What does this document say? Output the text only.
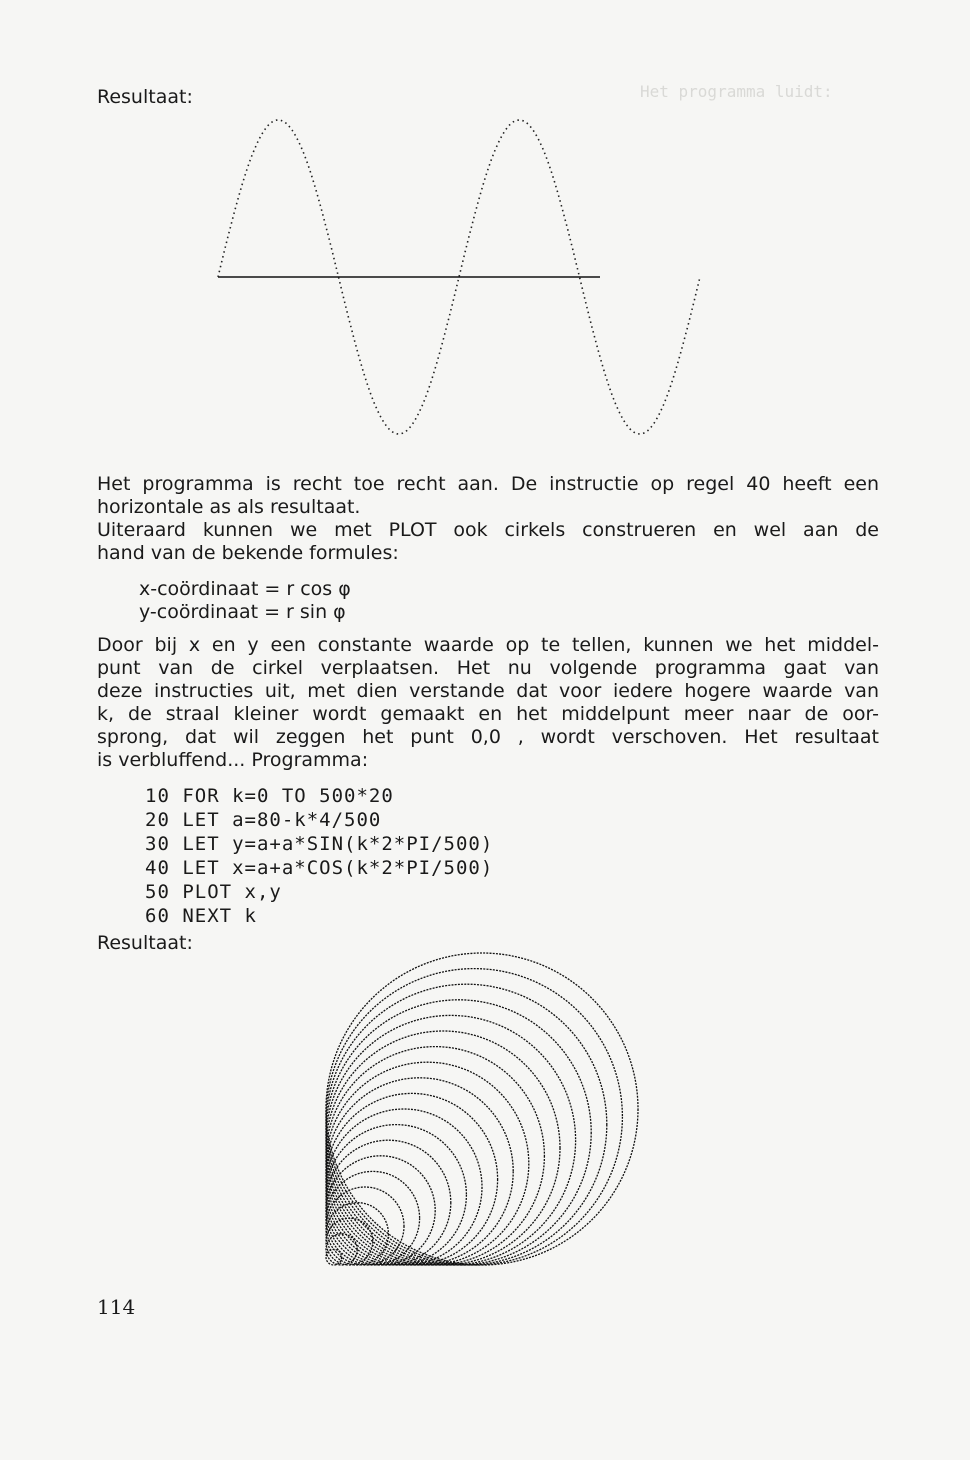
Het programma luidt:
Resultaat:
Het programma is recht toe recht aan. De instructie op regel 40 heeft een
horizontale as als resultaat.
Uiteraard kunnen we met PLOT ook cirkels construeren en wel aan de
hand van de bekende formules:
x-coördinaat = r cos φ
y-coördinaat = r sin φ
Door bij x en y een constante waarde op te tellen, kunnen we het middel-
punt van de cirkel verplaatsen. Het nu volgende programma gaat van
deze instructies uit, met dien verstande dat voor iedere hogere waarde van
k, de straal kleiner wordt gemaakt en het middelpunt meer naar de oor-
sprong, dat wil zeggen het punt 0,0 , wordt verschoven. Het resultaat
is verbluffend... Programma:
10 FOR k=0 TO 500*20
20 LET a=80-k*4/500
30 LET y=a+a*SIN(k*2*PI/500)
40 LET x=a+a*COS(k*2*PI/500)
50 PLOT x,y
60 NEXT k
Resultaat:
114
